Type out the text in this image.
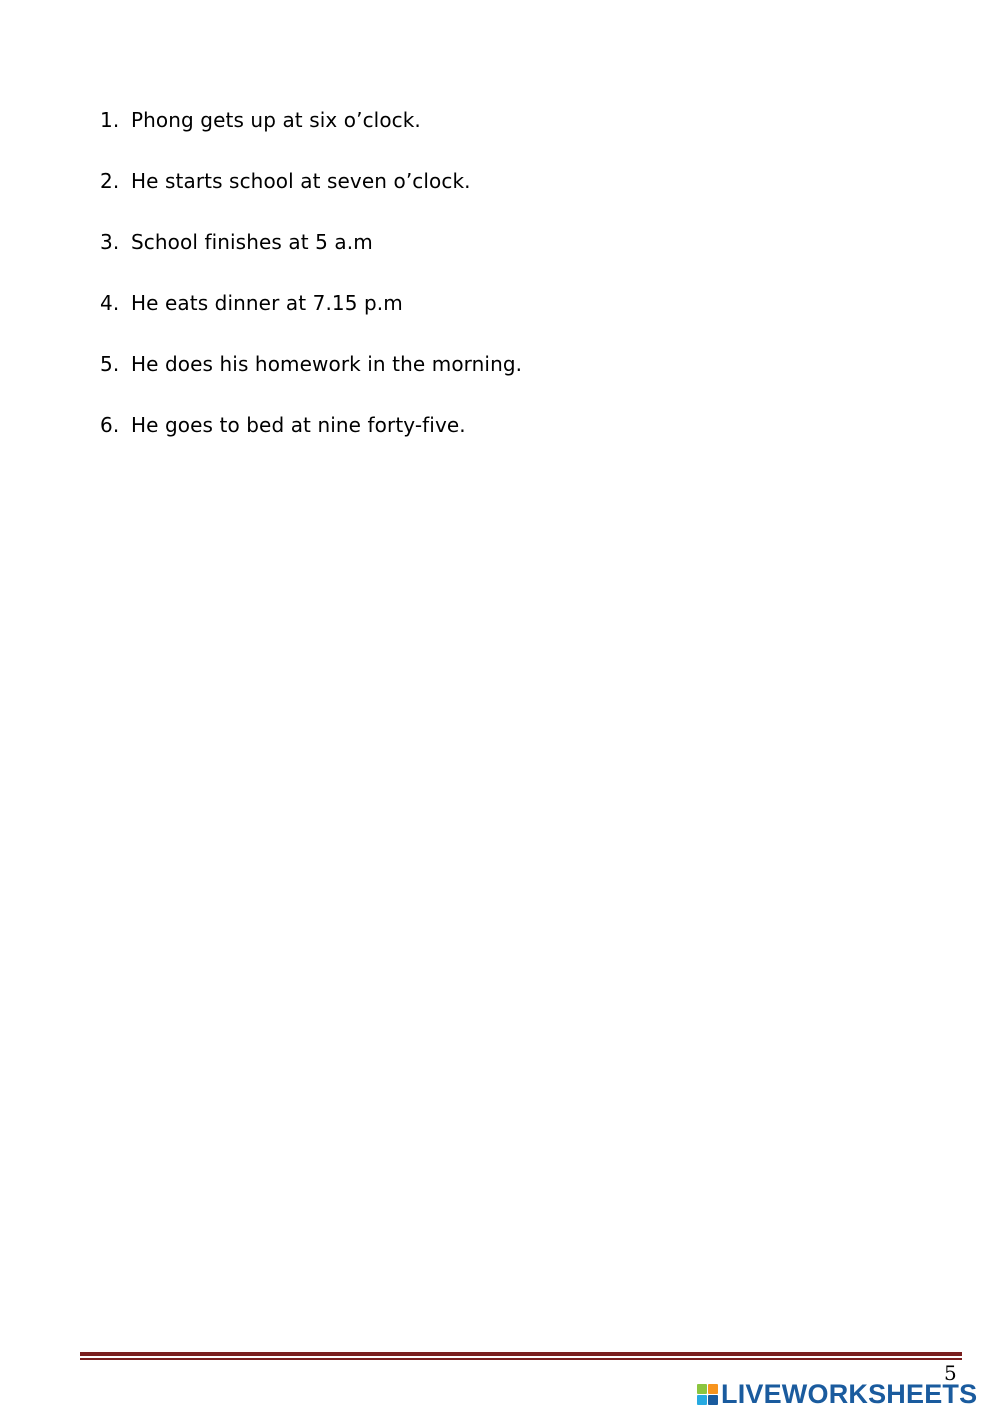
1. Phong gets up at six o’clock.
2. He starts school at seven o’clock.
3. School finishes at 5 a.m
4. He eats dinner at 7.15 p.m
5. He does his homework in the morning.
6. He goes to bed at nine forty-five.
5
LIVEWORKSHEETS
